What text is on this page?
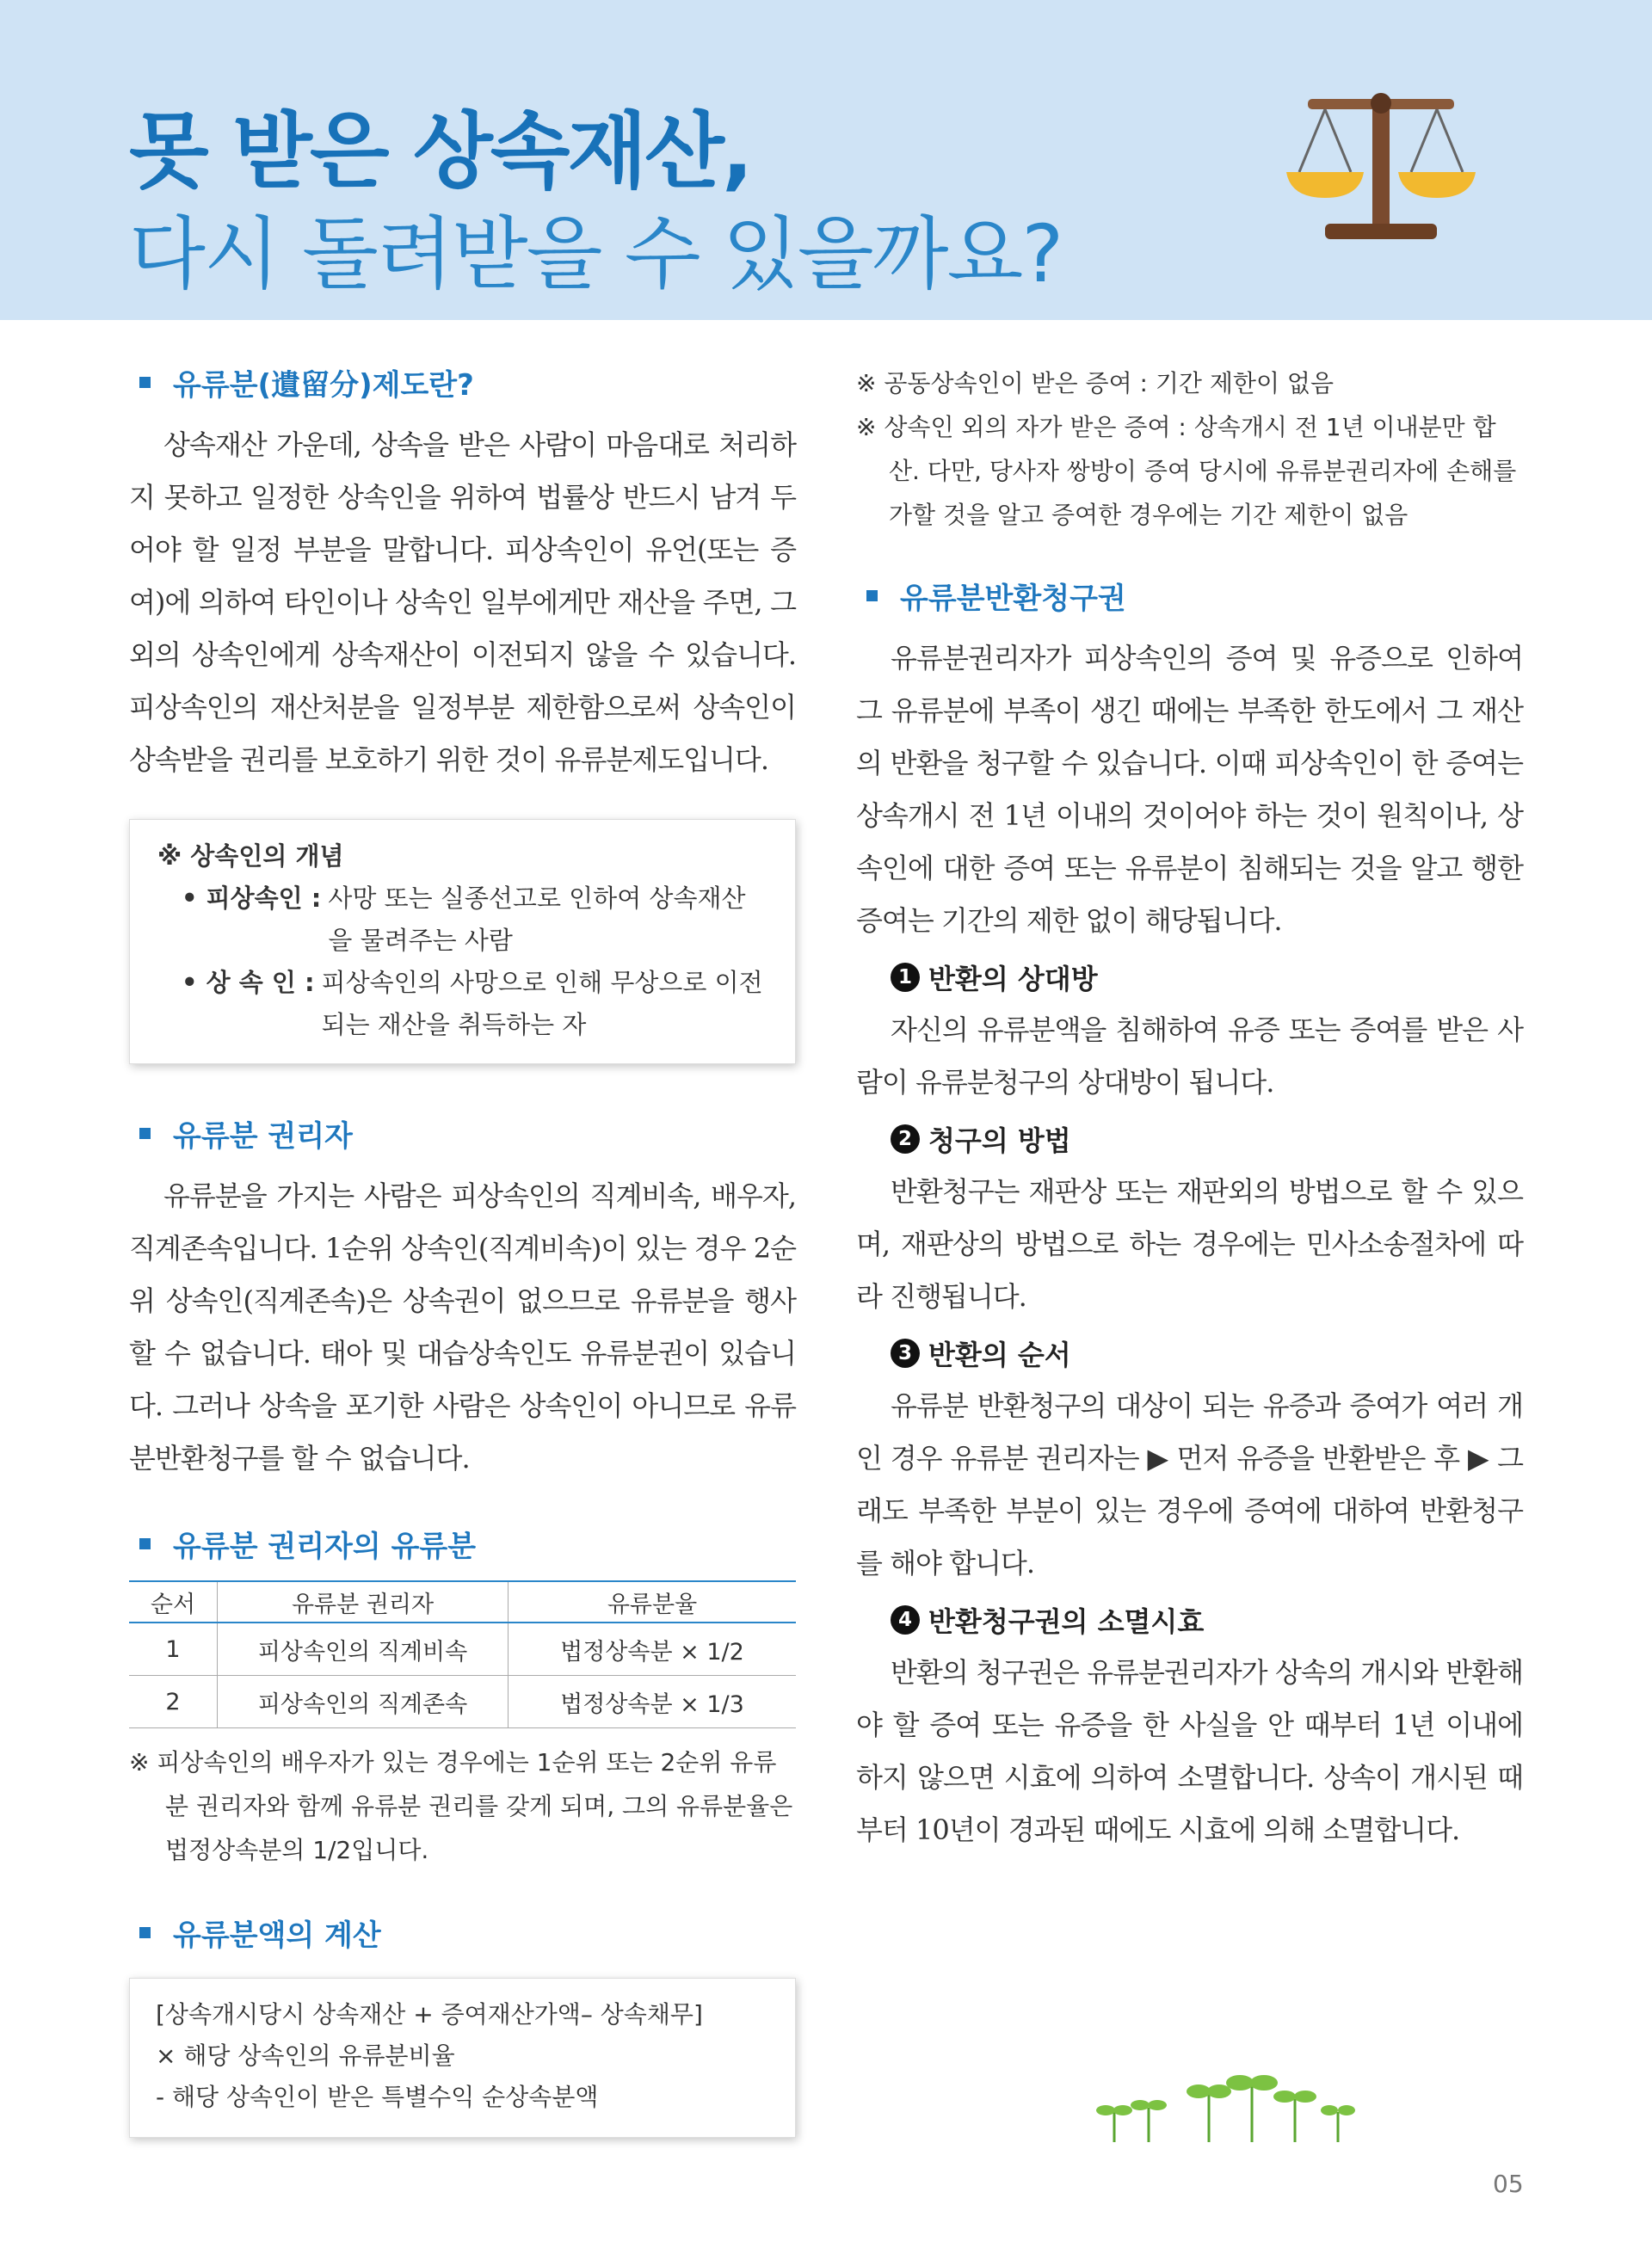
못 받은 상속재산,
다시 돌려받을 수 있을까요?
유류분(遺留分)제도란?

상속재산 가운데, 상속을 받은 사람이 마음대로 처리하지 못하고 일정한 상속인을 위하여 법률상 반드시 남겨 두어야 할 일정 부분을 말합니다. 피상속인이 유언(또는 증여)에 의하여 타인이나 상속인 일부에게만 재산을 주면, 그 외의 상속인에게 상속재산이 이전되지 않을 수 있습니다. 피상속인의 재산처분을 일정부분 제한함으로써 상속인이 상속받을 권리를 보호하기 위한 것이 유류분제도입니다.

※ 상속인의 개념
• 피상속인 : 사망 또는 실종선고로 인하여 상속재산을 물려주는 사람
• 상 속 인 : 피상속인의 사망으로 인해 무상으로 이전되는 재산을 취득하는 자
유류분 권리자

유류분을 가지는 사람은 피상속인의 직계비속, 배우자, 직계존속입니다. 1순위 상속인(직계비속)이 있는 경우 2순위 상속인(직계존속)은 상속권이 없으므로 유류분을 행사할 수 없습니다. 태아 및 대습상속인도 유류분권이 있습니다. 그러나 상속을 포기한 사람은 상속인이 아니므로 유류분반환청구를 할 수 없습니다.

유류분 권리자의 유류분
순서	유류분 권리자	유류분율
1	피상속인의 직계비속	법정상속분 × 1/2
2	피상속인의 직계존속	법정상속분 × 1/3

※ 피상속인의 배우자가 있는 경우에는 1순위 또는 2순위 유류분 권리자와 함께 유류분 권리를 갖게 되며, 그의 유류분율은 법정상속분의 1/2입니다.

유류분액의 계산
[상속개시당시 상속재산 + 증여재산가액– 상속채무]
× 해당 상속인의 유류분비율
- 해당 상속인이 받은 특별수익 순상속분액

※ 공동상속인이 받은 증여 : 기간 제한이 없음

※ 상속인 외의 자가 받은 증여 : 상속개시 전 1년 이내분만 합산. 다만, 당사자 쌍방이 증여 당시에 유류분권리자에 손해를 가할 것을 알고 증여한 경우에는 기간 제한이 없음

유류분반환청구권

유류분권리자가 피상속인의 증여 및 유증으로 인하여 그 유류분에 부족이 생긴 때에는 부족한 한도에서 그 재산의 반환을 청구할 수 있습니다. 이때 피상속인이 한 증여는 상속개시 전 1년 이내의 것이어야 하는 것이 원칙이나, 상속인에 대한 증여 또는 유류분이 침해되는 것을 알고 행한 증여는 기간의 제한 없이 해당됩니다.

1 반환의 상대방

자신의 유류분액을 침해하여 유증 또는 증여를 받은 사람이 유류분청구의 상대방이 됩니다.

2 청구의 방법

반환청구는 재판상 또는 재판외의 방법으로 할 수 있으며, 재판상의 방법으로 하는 경우에는 민사소송절차에 따라 진행됩니다.

3 반환의 순서

유류분 반환청구의 대상이 되는 유증과 증여가 여러 개인 경우 유류분 권리자는 ▶ 먼저 유증을 반환받은 후 ▶ 그래도 부족한 부분이 있는 경우에 증여에 대하여 반환청구를 해야 합니다.

4 반환청구권의 소멸시효

반환의 청구권은 유류분권리자가 상속의 개시와 반환해야 할 증여 또는 유증을 한 사실을 안 때부터 1년 이내에 하지 않으면 시효에 의하여 소멸합니다. 상속이 개시된 때부터 10년이 경과된 때에도 시효에 의해 소멸합니다.

05
